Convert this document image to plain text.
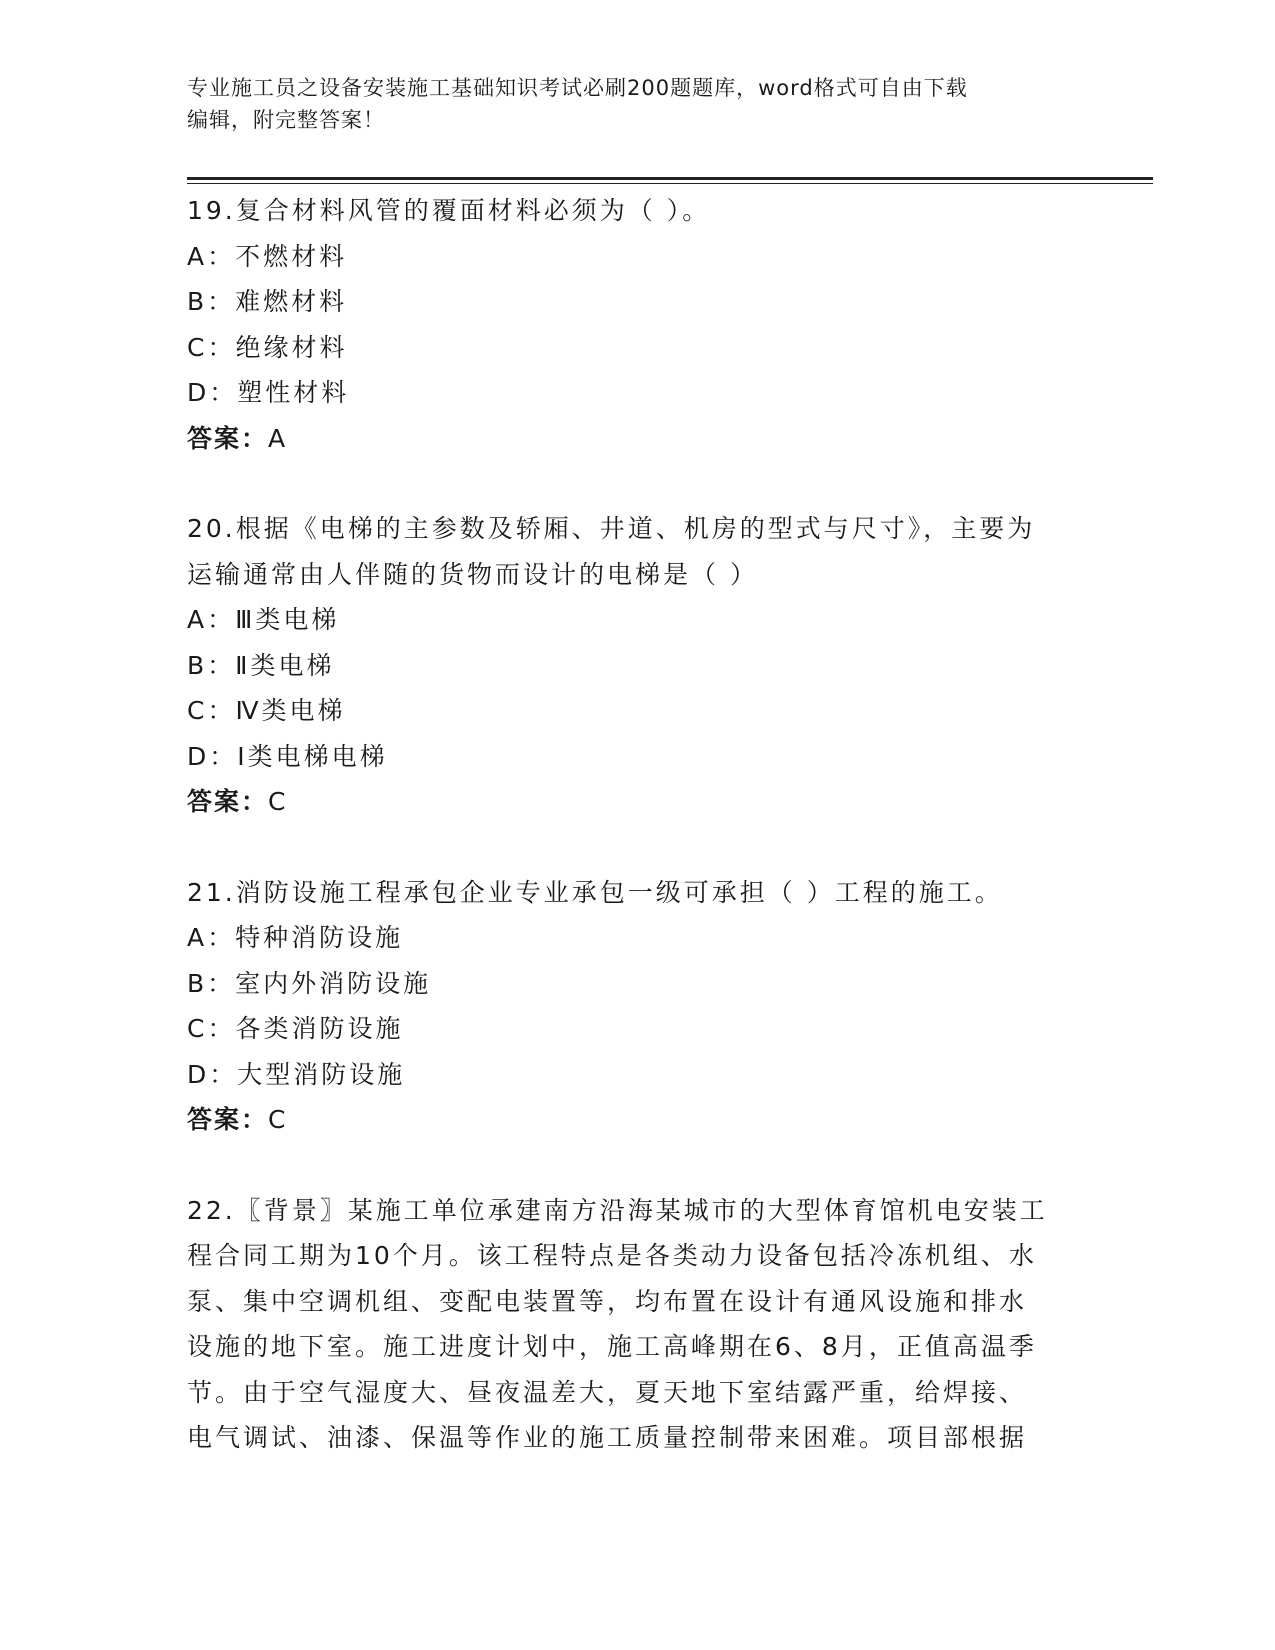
专业施工员之设备安装施工基础知识考试必刷200题题库，word格式可自由下载
编辑，附完整答案！
19.复合材料风管的覆面材料必须为（ ）。
A：不燃材料
B：难燃材料
C：绝缘材料
D：塑性材料
答案：A
20.根据《电梯的主参数及轿厢、井道、机房的型式与尺寸》，主要为
运输通常由人伴随的货物而设计的电梯是（ ）
A：Ⅲ类电梯
B：Ⅱ类电梯
C：Ⅳ类电梯
D：Ⅰ类电梯电梯
答案：C
21.消防设施工程承包企业专业承包一级可承担（ ）工程的施工。
A：特种消防设施
B：室内外消防设施
C：各类消防设施
D：大型消防设施
答案：C
22.〖背景〗某施工单位承建南方沿海某城市的大型体育馆机电安装工
程合同工期为10个月。该工程特点是各类动力设备包括冷冻机组、水
泵、集中空调机组、变配电装置等，均布置在设计有通风设施和排水
设施的地下室。施工进度计划中，施工高峰期在6、8月，正值高温季
节。由于空气湿度大、昼夜温差大，夏天地下室结露严重，给焊接、
电气调试、油漆、保温等作业的施工质量控制带来困难。项目部根据
